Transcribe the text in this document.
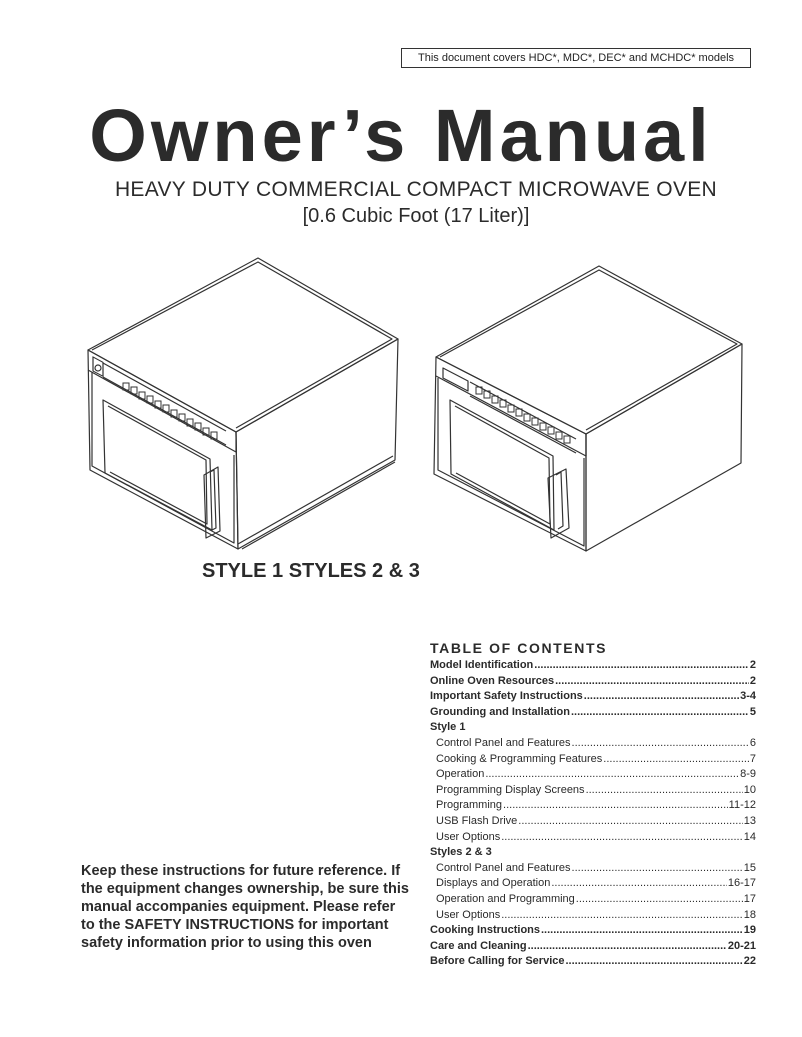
This document covers HDC*, MDC*, DEC* and MCHDC* models
Owner’s Manual
HEAVY DUTY COMMERCIAL COMPACT MICROWAVE OVEN
[0.6 Cubic Foot (17 Liter)]
STYLE 1 STYLES 2 & 3
Keep these instructions for future reference. If the equipment changes ownership, be sure this manual accompanies equipment. Please refer to the SAFETY INSTRUCTIONS for important safety information prior to using this oven
TABLE OF CONTENTS
Model Identification .....	2
Online Oven Resources .....	2
Important Safety Instructions .....	3-4
Grounding and Installation .....	5
Style 1
Control Panel and Features .....	6
Cooking & Programming Features .....	7
Operation .....	8-9
Programming Display Screens .....	10
Programming .....	11-12
USB Flash Drive .....	13
User Options .....	14
Styles 2 & 3
Control Panel and Features .....	15
Displays and Operation .....	16-17
Operation and Programming .....	17
User Options .....	18
Cooking Instructions .....	19
Care and Cleaning .....	20-21
Before Calling for Service .....	22
